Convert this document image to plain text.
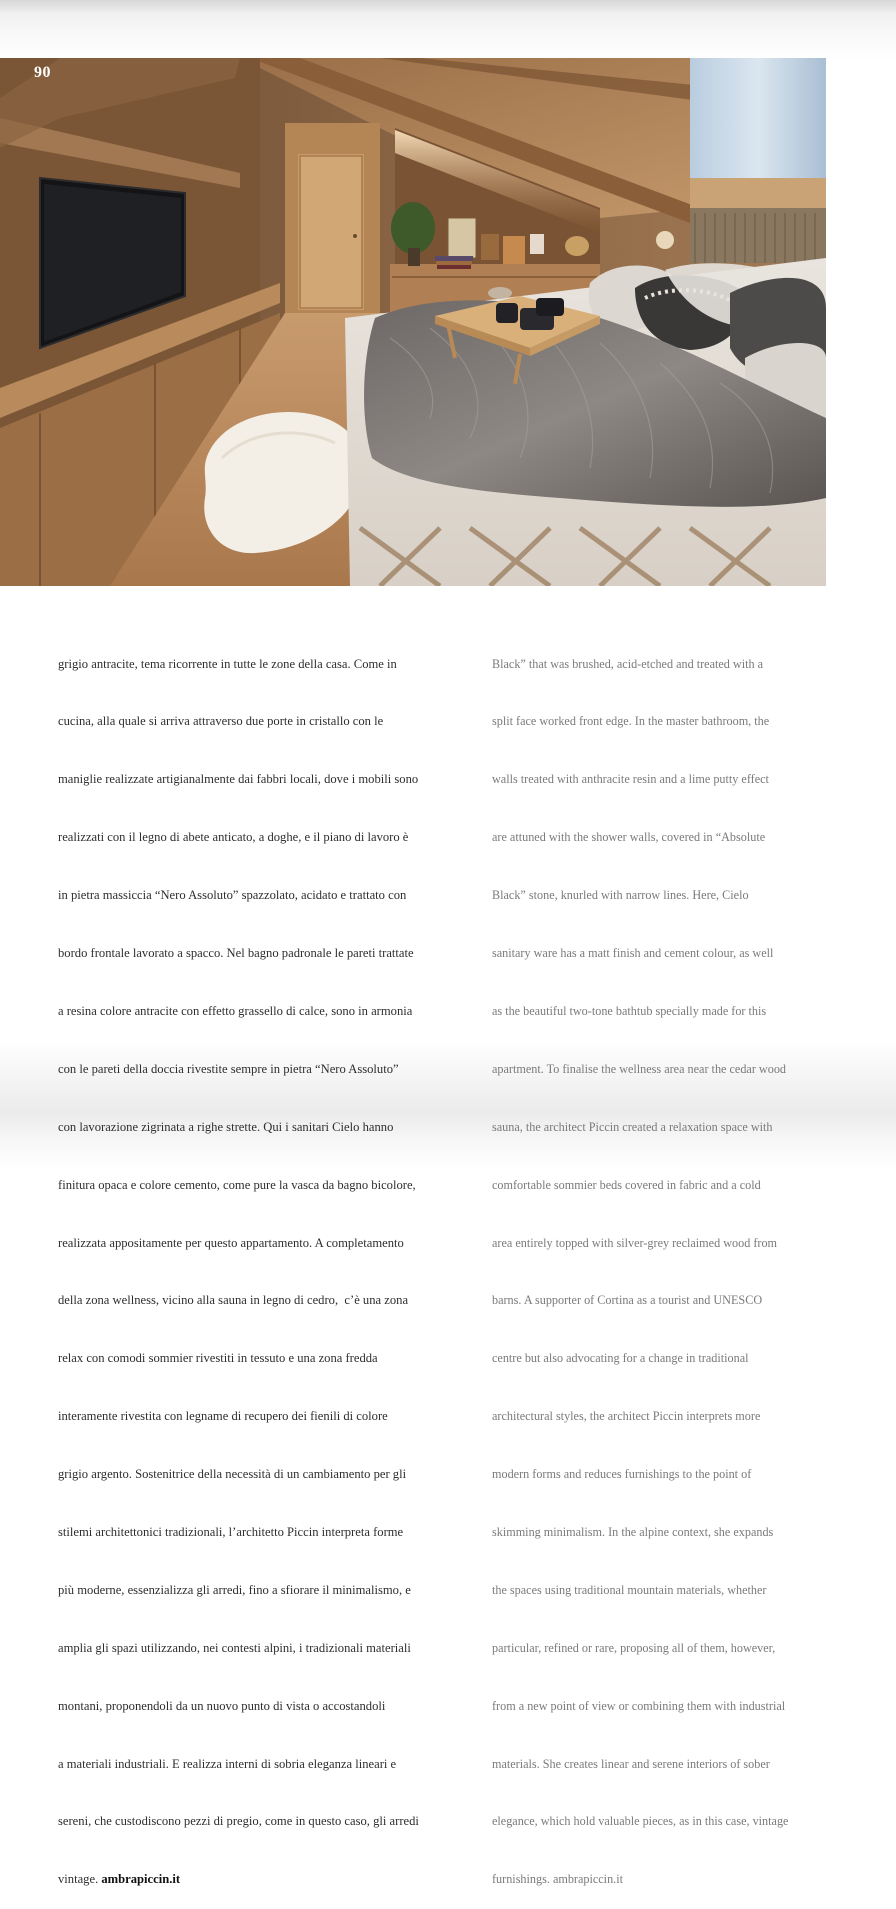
90

grigio antracite, tema ricorrente in tutte le zone della casa. Come in

cucina, alla quale si arriva attraverso due porte in cristallo con le

maniglie realizzate artigianalmente dai fabbri locali, dove i mobili sono

realizzati con il legno di abete anticato, a doghe, e il piano di lavoro è

in pietra massiccia “Nero Assoluto” spazzolato, acidato e trattato con

bordo frontale lavorato a spacco. Nel bagno padronale le pareti trattate

a resina colore antracite con effetto grassello di calce, sono in armonia

con le pareti della doccia rivestite sempre in pietra “Nero Assoluto”

con lavorazione zigrinata a righe strette. Qui i sanitari Cielo hanno

finitura opaca e colore cemento, come pure la vasca da bagno bicolore,

realizzata appositamente per questo appartamento. A completamento

della zona wellness, vicino alla sauna in legno di cedro,  c’è una zona

relax con comodi sommier rivestiti in tessuto e una zona fredda

interamente rivestita con legname di recupero dei fienili di colore

grigio argento. Sostenitrice della necessità di un cambiamento per gli

stilemi architettonici tradizionali, l’architetto Piccin interpreta forme

più moderne, essenzializza gli arredi, fino a sfiorare il minimalismo, e

amplia gli spazi utilizzando, nei contesti alpini, i tradizionali materiali

montani, proponendoli da un nuovo punto di vista o accostandoli

a materiali industriali. E realizza interni di sobria eleganza lineari e

sereni, che custodiscono pezzi di pregio, come in questo caso, gli arredi

vintage. ambrapiccin.it

Black” that was brushed, acid-etched and treated with a

split face worked front edge. In the master bathroom, the

walls treated with anthracite resin and a lime putty effect

are attuned with the shower walls, covered in “Absolute

Black” stone, knurled with narrow lines. Here, Cielo

sanitary ware has a matt finish and cement colour, as well

as the beautiful two-tone bathtub specially made for this

apartment. To finalise the wellness area near the cedar wood

sauna, the architect Piccin created a relaxation space with

comfortable sommier beds covered in fabric and a cold

area entirely topped with silver-grey reclaimed wood from

barns. A supporter of Cortina as a tourist and UNESCO

centre but also advocating for a change in traditional

architectural styles, the architect Piccin interprets more

modern forms and reduces furnishings to the point of

skimming minimalism. In the alpine context, she expands

the spaces using traditional mountain materials, whether

particular, refined or rare, proposing all of them, however,

from a new point of view or combining them with industrial

materials. She creates linear and serene interiors of sober

elegance, which hold valuable pieces, as in this case, vintage

furnishings. ambrapiccin.it
